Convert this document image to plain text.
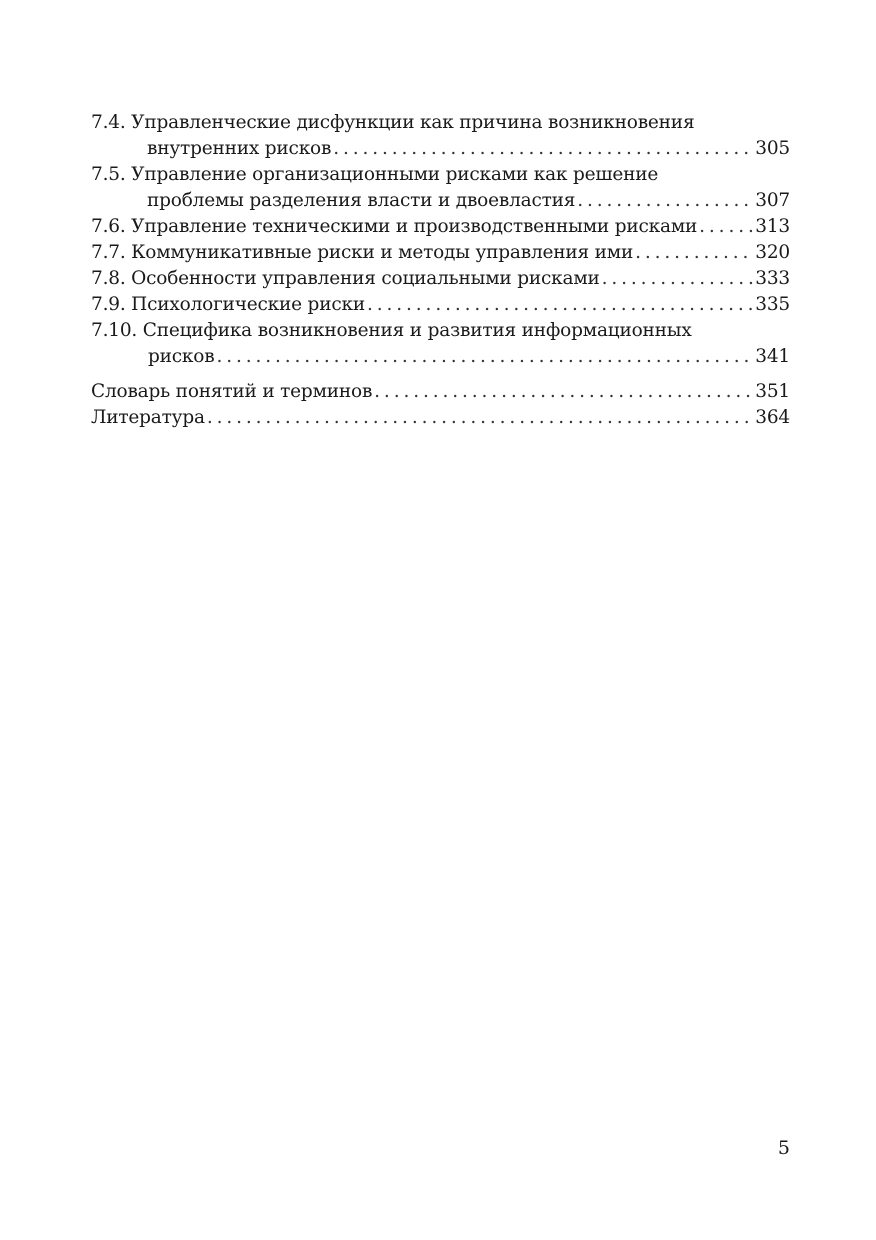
7.4. Управленческие дисфункции как причина возникновения
внутренних рисков . . .	305
7.5. Управление организационными рисками как решение
проблемы разделения власти и двоевластия . . .	307
7.6. Управление техническими и производственными рисками . . .	313
7.7. Коммуникативные риски и методы управления ими . . .	320
7.8. Особенности управления социальными рисками . . .	333
7.9. Психологические риски . . .	335
7.10. Специфика возникновения и развития информационных
рисков . . .	341
Словарь понятий и терминов . . .	351
Литература . . .	364
5
